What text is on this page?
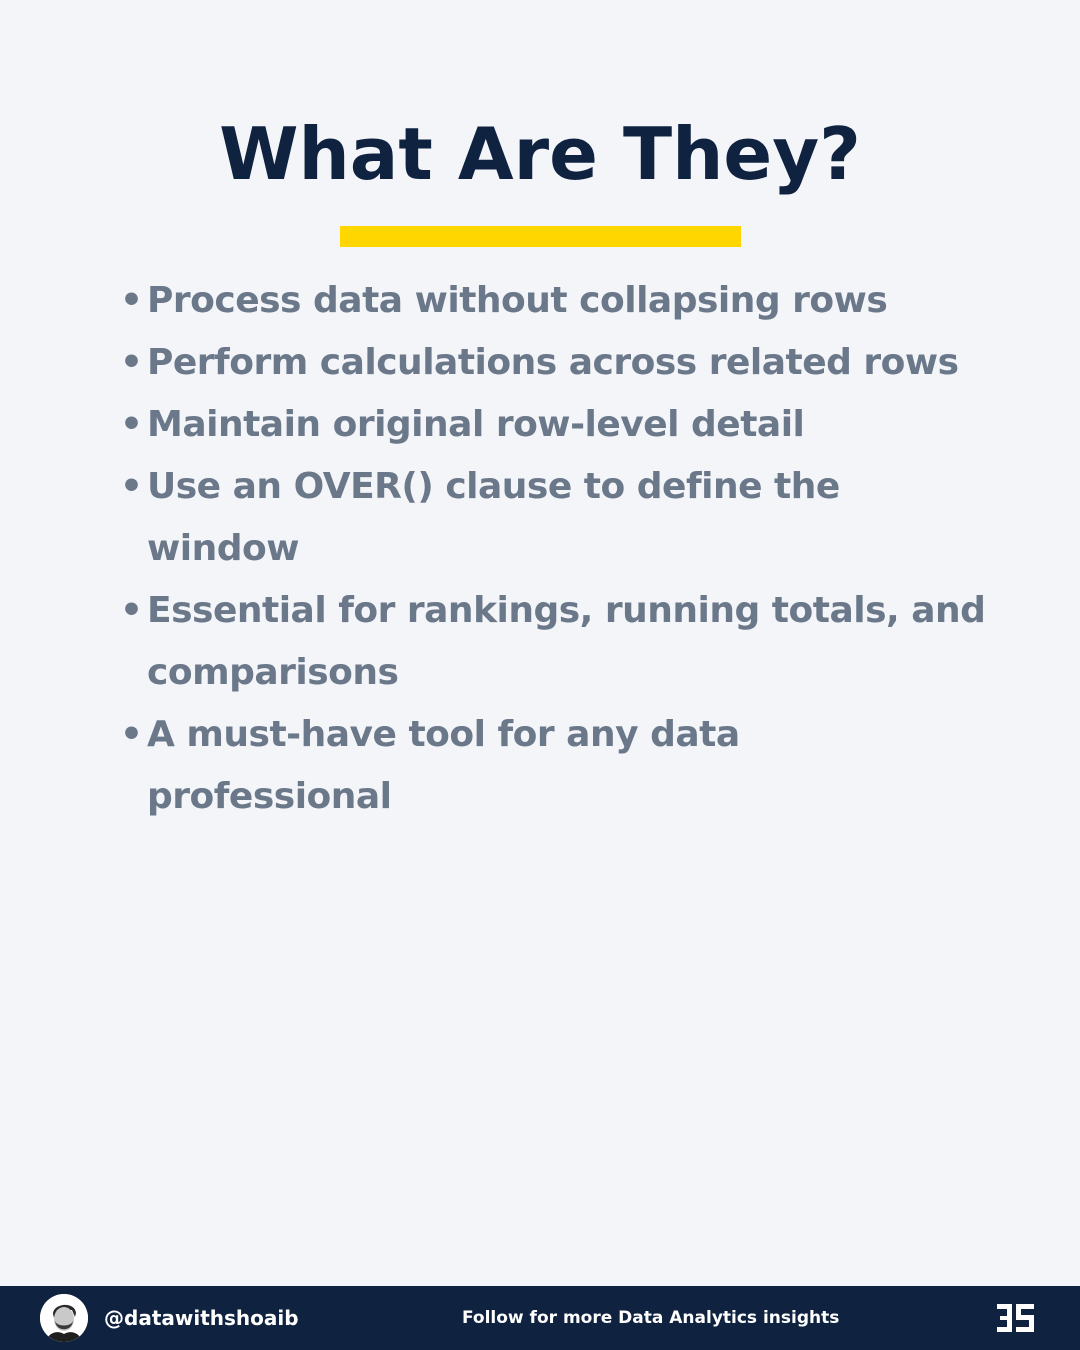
What Are They?
• Process data without collapsing rows
• Perform calculations across related rows
• Maintain original row-level detail
• Use an OVER() clause to define the window
• Essential for rankings, running totals, and comparisons
• A must-have tool for any data professional
@datawithshoaib	Follow for more Data Analytics insights
